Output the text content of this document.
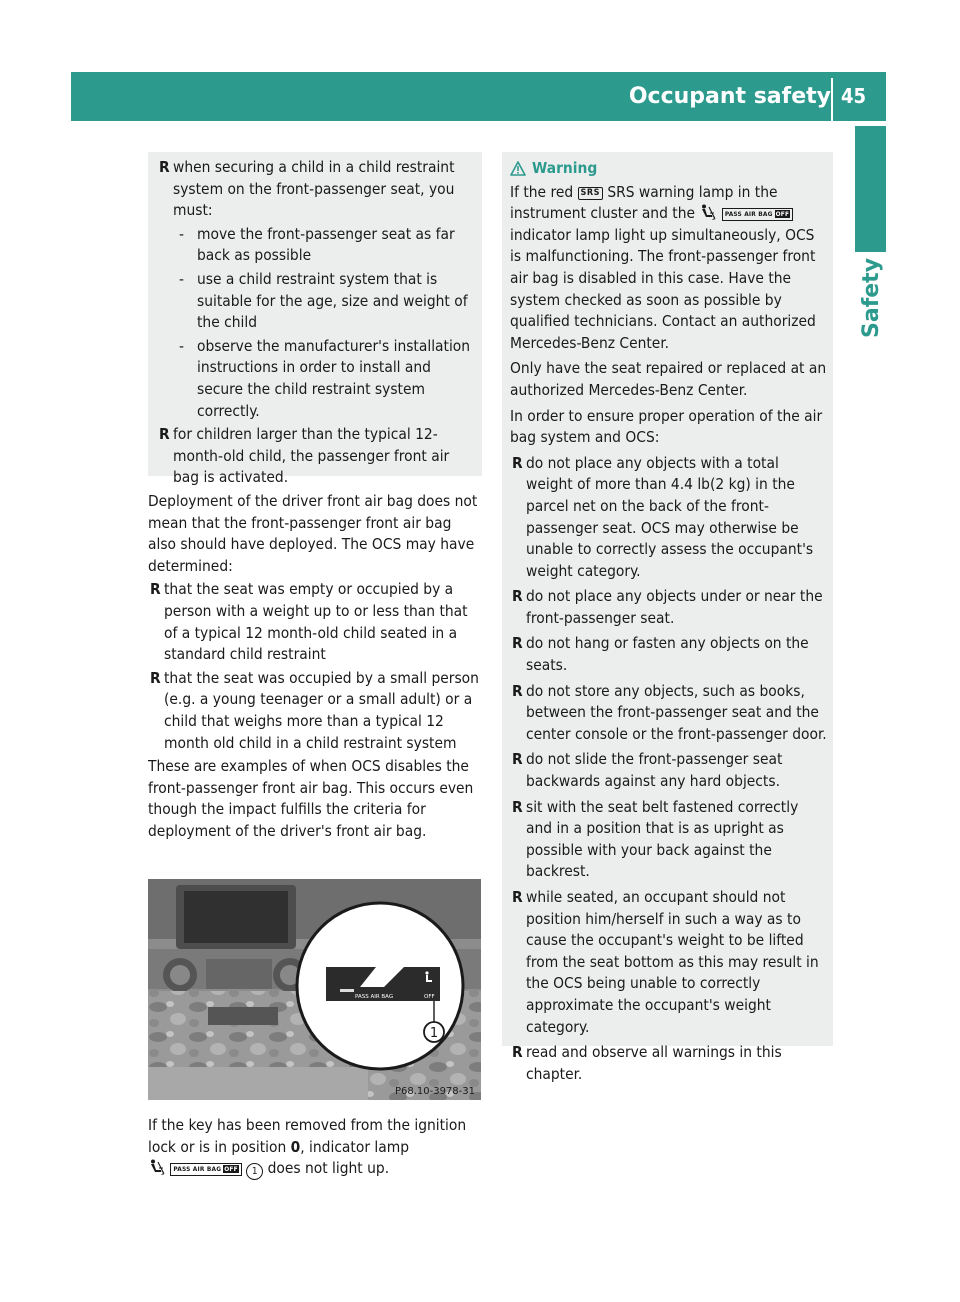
Occupant safety 45
Safety
R when securing a child in a child restraint system on the front-passenger seat, you must:

- move the front-passenger seat as far back as possible

- use a child restraint system that is suitable for the age, size and weight of the child

- observe the manufacturer's installation instructions in order to install and secure the child restraint system correctly.

R for children larger than the typical 12-month-old child, the passenger front air bag is activated.

Deployment of the driver front air bag does not mean that the front-passenger front air bag also should have deployed. The OCS may have determined:

R that the seat was empty or occupied by a person with a weight up to or less than that of a typical 12 month-old child seated in a standard child restraint

R that the seat was occupied by a small person (e.g. a young teenager or a small adult) or a child that weighs more than a typical 12 month old child in a child restraint system

These are examples of when OCS disables the front-passenger front air bag. This occurs even though the impact fulfills the criteria for deployment of the driver's front air bag.

PASS AIR BAG	OFF
1
P68.10-3978-31

If the key has been removed from the ignition lock or is in position 0, indicator lamp

2
PASS AIR BAG OFF 1 does not light up.

Warning

If the red SRS SRS warning lamp in the instrument cluster and the	2
PASS AIR BAG OFF indicator lamp light up simultaneously, OCS is malfunctioning. The front-passenger front air bag is disabled in this case. Have the system checked as soon as possible by qualified technicians. Contact an authorized Mercedes-Benz Center.

Only have the seat repaired or replaced at an authorized Mercedes-Benz Center.

In order to ensure proper operation of the air bag system and OCS:

R do not place any objects with a total weight of more than 4.4 lb(2 kg) in the parcel net on the back of the front-passenger seat. OCS may otherwise be unable to correctly assess the occupant's weight category.

R do not place any objects under or near the front-passenger seat.

R do not hang or fasten any objects on the seats.

R do not store any objects, such as books, between the front-passenger seat and the center console or the front-passenger door.

R do not slide the front-passenger seat backwards against any hard objects.

R sit with the seat belt fastened correctly and in a position that is as upright as possible with your back against the backrest.

R while seated, an occupant should not position him/herself in such a way as to cause the occupant's weight to be lifted from the seat bottom as this may result in the OCS being unable to correctly approximate the occupant's weight category.

R read and observe all warnings in this chapter.
